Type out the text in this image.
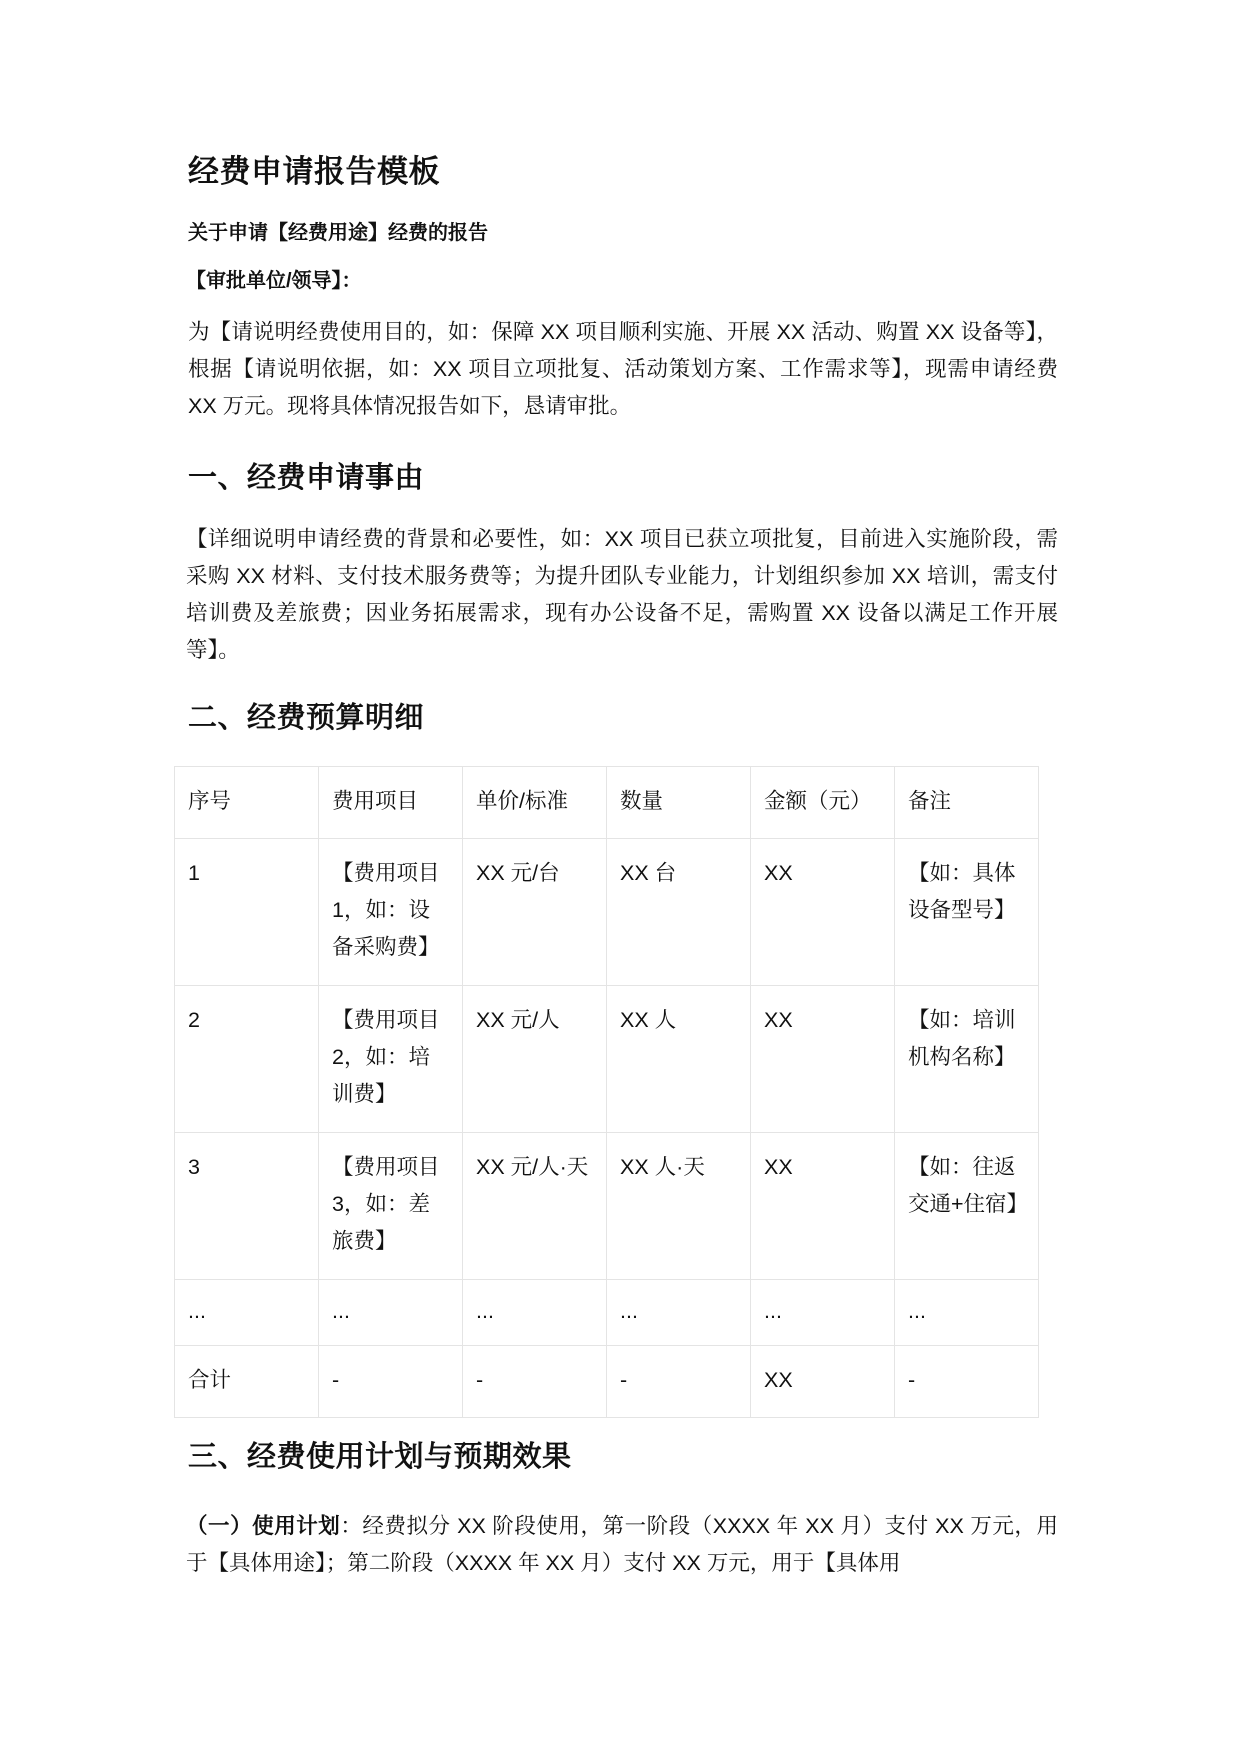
经费申请报告模板

关于申请【经费用途】经费的报告

【审批单位/领导】：

为【请说明经费使用目的，如：保障 XX 项目顺利实施、开展 XX 活动、购置 XX 设备等】，根据【请说明依据，如：XX 项目立项批复、活动策划方案、工作需求等】，现需申请经费 XX 万元。现将具体情况报告如下，恳请审批。

一、经费申请事由

【详细说明申请经费的背景和必要性，如：XX 项目已获立项批复，目前进入实施阶段，需采购 XX 材料、支付技术服务费等；为提升团队专业能力，计划组织参加 XX 培训，需支付培训费及差旅费；因业务拓展需求，现有办公设备不足，需购置 XX 设备以满足工作开展等】。

二、经费预算明细
三、经费使用计划与预期效果

（一）使用计划：经费拟分 XX 阶段使用，第一阶段（XXXX 年 XX 月）支付 XX 万元，用于【具体用途】；第二阶段（XXXX 年 XX 月）支付 XX 万元，用于【具体用

序号	费用项目	单价/标准	数量	金额（元）	备注
1	【费用项目 1，如：设备采购费】	XX 元/台	XX 台	XX	【如：具体设备型号】
2	【费用项目 2，如：培训费】	XX 元/人	XX 人	XX	【如：培训机构名称】
3	【费用项目 3，如：差旅费】	XX 元/人·天	XX 人·天	XX	【如：往返交通+住宿】
...	...	...	...	...	...
合计	-	-	-	XX	-
